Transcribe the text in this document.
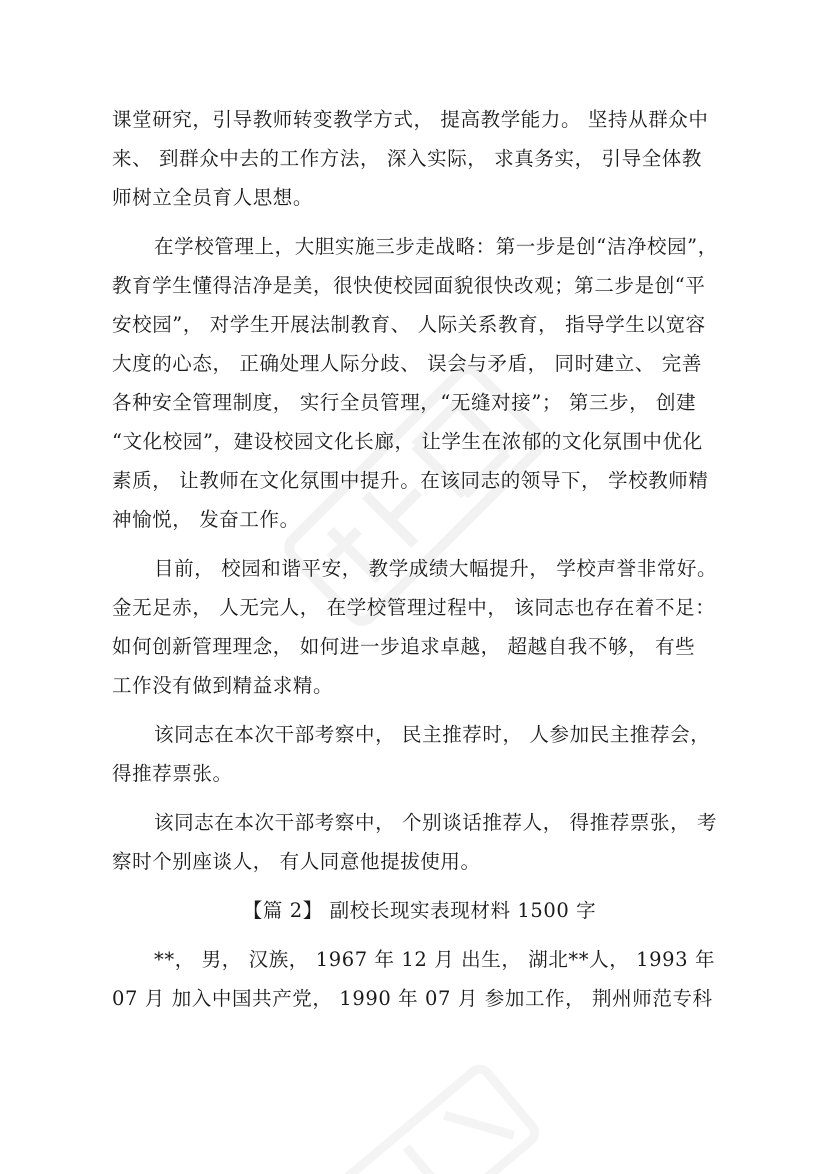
课堂研究，引导教师转变教学方式， 提高教学能力。 坚持从群众中
来、 到群众中去的工作方法， 深入实际， 求真务实， 引导全体教
师树立全员育人思想。
在学校管理上，大胆实施三步走战略：第一步是创“洁净校园”，
教育学生懂得洁净是美，很快使校园面貌很快改观；第二步是创“平
安校园”， 对学生开展法制教育、 人际关系教育， 指导学生以宽容
大度的心态， 正确处理人际分歧、 误会与矛盾， 同时建立、 完善
各种安全管理制度， 实行全员管理，“无缝对接”； 第三步， 创建
“文化校园”，建设校园文化长廊， 让学生在浓郁的文化氛围中优化
素质， 让教师在文化氛围中提升。在该同志的领导下， 学校教师精
神愉悦， 发奋工作。
目前， 校园和谐平安， 教学成绩大幅提升， 学校声誉非常好。
金无足赤， 人无完人， 在学校管理过程中， 该同志也存在着不足：
如何创新管理理念， 如何进一步追求卓越， 超越自我不够， 有些
工作没有做到精益求精。
该同志在本次干部考察中， 民主推荐时， 人参加民主推荐会，
得推荐票张。
该同志在本次干部考察中， 个别谈话推荐人， 得推荐票张， 考
察时个别座谈人， 有人同意他提拔使用。
【篇 2】 副校长现实表现材料 1500 字
**， 男， 汉族， 1967 年 12 月 出生， 湖北**人， 1993 年
07 月 加入中国共产党， 1990 年 07 月 参加工作， 荆州师范专科
